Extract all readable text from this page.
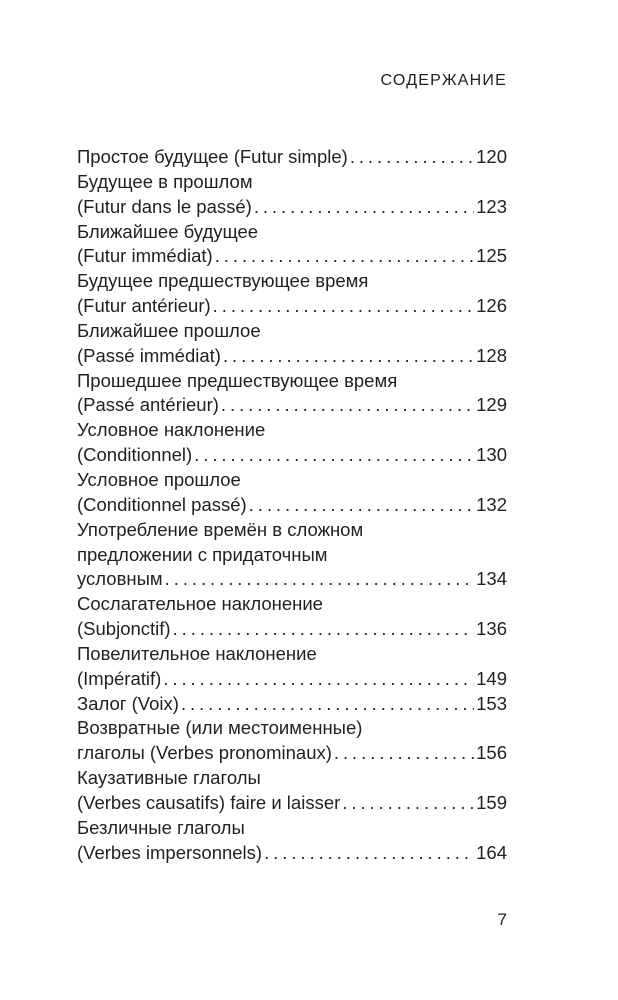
СОДЕРЖАНИЕ
Простое будущее (Futur simple) . . .	120
Будущее в прошлом
(Futur dans le passé) . . .	123
Ближайшее будущее
(Futur immédiat) . . .	125
Будущее предшествующее время
(Futur antérieur) . . .	126
Ближайшее прошлое
(Passé immédiat) . . .	128
Прошедшее предшествующее время
(Passé antérieur) . . .	129
Условное наклонение
(Conditionnel) . . .	130
Условное прошлое
(Conditionnel passé) . . .	132
Употребление времён в сложном
предложении с придаточным
условным . . .	134
Сослагательное наклонение
(Subjonctif) . . .	136
Повелительное наклонение
(Impératif) . . .	149
Залог (Voix) . . .	153
Возвратные (или местоименные)
глаголы (Verbes pronominaux) . . .	156
Каузативные глаголы
(Verbes causatifs) faire и laisser . . .	159
Безличные глаголы
(Verbes impersonnels) . . .	164
7
